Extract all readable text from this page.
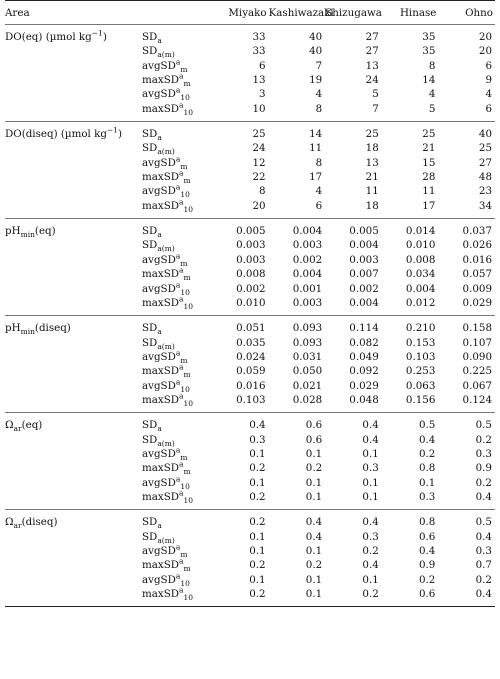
Area		Miyako	Kashiwazaki	Shizugawa	Hinase	Ohno
DO(eq) (µmol $kg^{-1}$)	$SD_a$	33	40	27	35	20
	$SD_{a(m)}$	33	40	27	35	20
	avgSD$^a_m$	6	7	13	8	6
	maxSD$^a_m$	13	19	24	14	9
	avgSD$^a_{10}$	3	4	5	4	4
	maxSD$^a_{10}$	10	8	7	5	6

DO(diseq) (µmol $kg^{-1}$)	$SD_a$	25	14	25	25	40
	$SD_{a(m)}$	24	11	18	21	25
	avgSD$^a_m$	12	8	13	15	27
	maxSD$^a_m$	22	17	21	28	48
	avgSD$^a_{10}$	8	4	11	11	23
	maxSD$^a_{10}$	20	6	18	17	34

$pH_{min}(eq)$	$SD_a$	0.005	0.004	0.005	0.014	0.037
	$SD_{a(m)}$	0.003	0.003	0.004	0.010	0.026
	avgSD$^a_m$	0.003	0.002	0.003	0.008	0.016
	maxSD$^a_m$	0.008	0.004	0.007	0.034	0.057
	avgSD$^a_{10}$	0.002	0.001	0.002	0.004	0.009
	maxSD$^a_{10}$	0.010	0.003	0.004	0.012	0.029

$pH_{min}(diseq)$	$SD_a$	0.051	0.093	0.114	0.210	0.158
	$SD_{a(m)}$	0.035	0.093	0.082	0.153	0.107
	avgSD$^a_m$	0.024	0.031	0.049	0.103	0.090
	maxSD$^a_m$	0.059	0.050	0.092	0.253	0.225
	avgSD$^a_{10}$	0.016	0.021	0.029	0.063	0.067
	maxSD$^a_{10}$	0.103	0.028	0.048	0.156	0.124

$\Omega_{ar}(eq)$	$SD_a$	0.4	0.6	0.4	0.5	0.5
	$SD_{a(m)}$	0.3	0.6	0.4	0.4	0.2
	avgSD$^a_m$	0.1	0.1	0.1	0.2	0.3
	maxSD$^a_m$	0.2	0.2	0.3	0.8	0.9
	avgSD$^a_{10}$	0.1	0.1	0.1	0.1	0.2
	maxSD$^a_{10}$	0.2	0.1	0.1	0.3	0.4

$\Omega_{ar}(diseq)$	$SD_a$	0.2	0.4	0.4	0.8	0.5
	$SD_{a(m)}$	0.1	0.4	0.3	0.6	0.4
	avgSD$^a_m$	0.1	0.1	0.2	0.4	0.3
	maxSD$^a_m$	0.2	0.2	0.4	0.9	0.7
	avgSD$^a_{10}$	0.1	0.1	0.1	0.2	0.2
	maxSD$^a_{10}$	0.2	0.1	0.2	0.6	0.4
